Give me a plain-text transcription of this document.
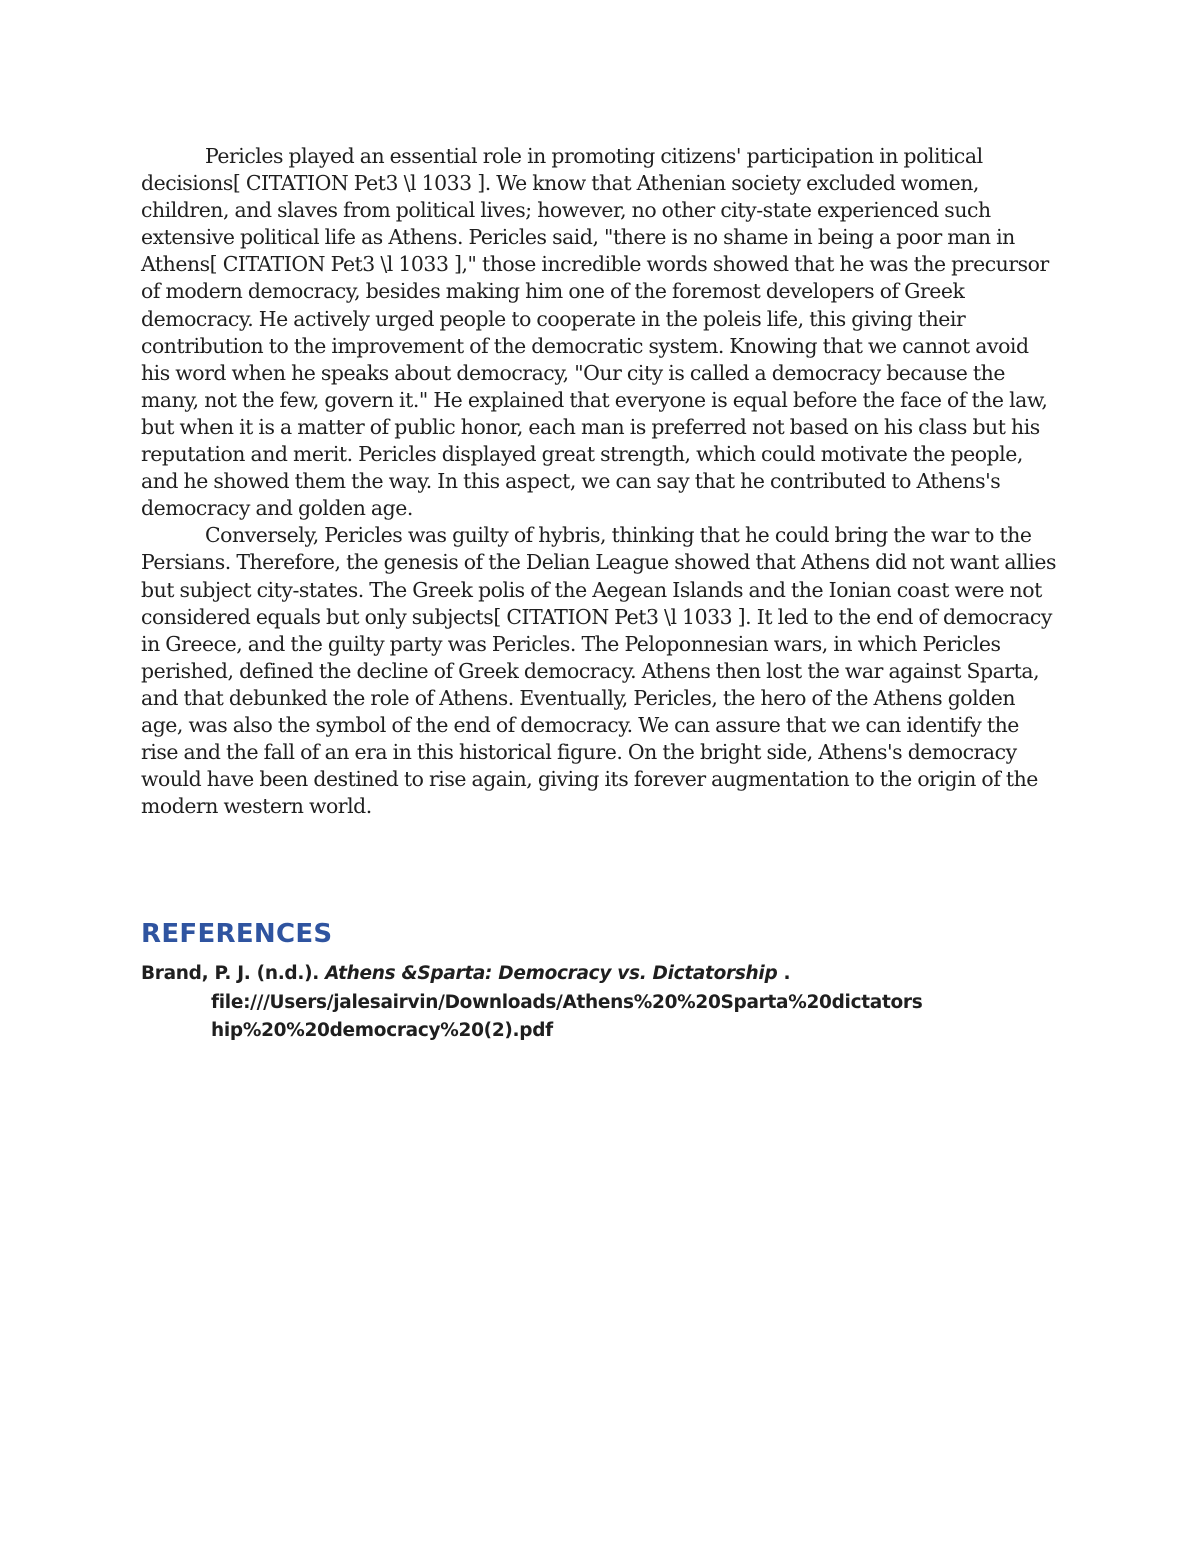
Pericles played an essential role in promoting citizens' participation in political decisions[ CITATION Pet3 \l 1033 ]. We know that Athenian society excluded women, children, and slaves from political lives; however, no other city-state experienced such extensive political life as Athens. Pericles said, "there is no shame in being a poor man in Athens[ CITATION Pet3 \l 1033 ]," those incredible words showed that he was the precursor of modern democracy, besides making him one of the foremost developers of Greek democracy. He actively urged people to cooperate in the poleis life, this giving their contribution to the improvement of the democratic system. Knowing that we cannot avoid his word when he speaks about democracy, "Our city is called a democracy because the many, not the few, govern it." He explained that everyone is equal before the face of the law, but when it is a matter of public honor, each man is preferred not based on his class but his reputation and merit. Pericles displayed great strength, which could motivate the people, and he showed them the way. In this aspect, we can say that he contributed to Athens's democracy and golden age.

Conversely, Pericles was guilty of hybris, thinking that he could bring the war to the Persians. Therefore, the genesis of the Delian League showed that Athens did not want allies but subject city-states. The Greek polis of the Aegean Islands and the Ionian coast were not considered equals but only subjects[ CITATION Pet3 \l 1033 ]. It led to the end of democracy in Greece, and the guilty party was Pericles. The Peloponnesian wars, in which Pericles perished, defined the decline of Greek democracy. Athens then lost the war against Sparta, and that debunked the role of Athens. Eventually, Pericles, the hero of the Athens golden age, was also the symbol of the end of democracy. We can assure that we can identify the rise and the fall of an era in this historical figure. On the bright side, Athens's democracy would have been destined to rise again, giving its forever augmentation to the origin of the modern western world.

REFERENCES

Brand, P. J. (n.d.). Athens &Sparta: Democracy vs. Dictatorship .
file:///Users/jalesairvin/Downloads/Athens%20%20Sparta%20dictatorship%20%20democracy%20(2).pdf
